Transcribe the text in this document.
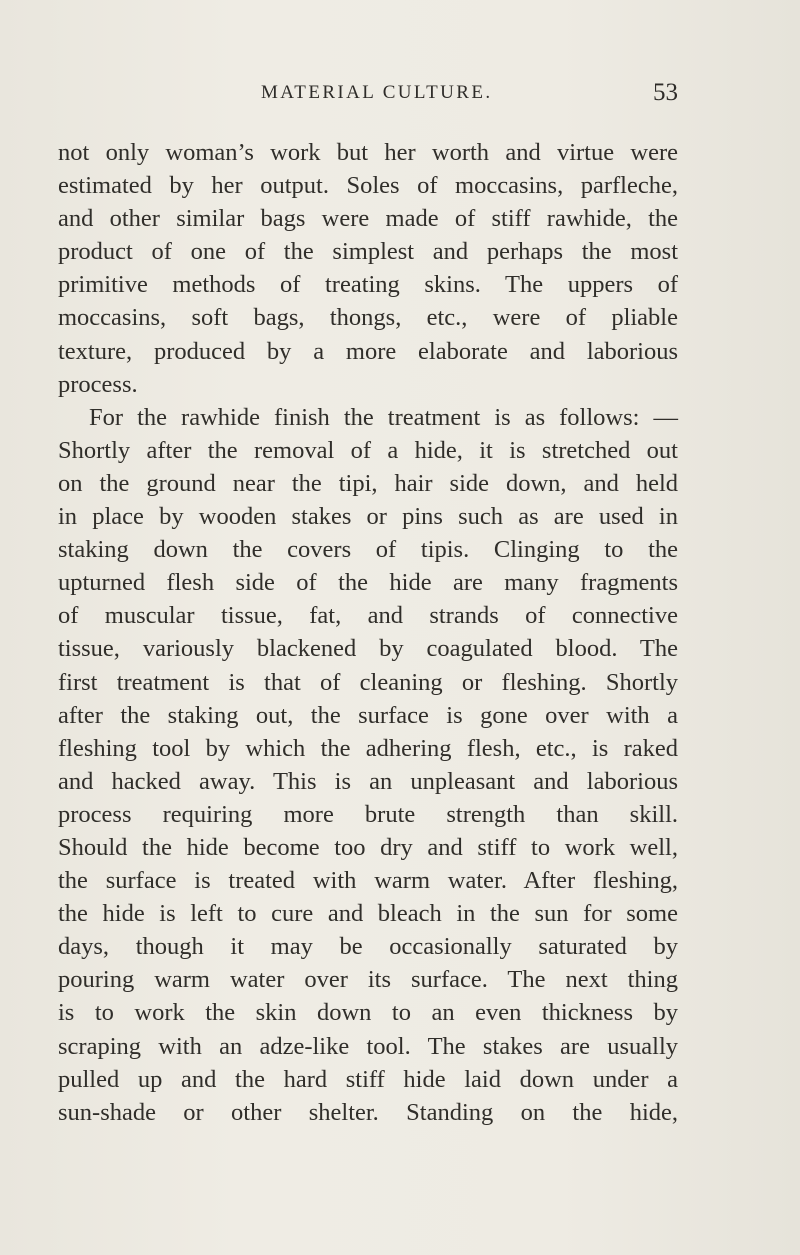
MATERIAL CULTURE.	53
not only woman’s work but her worth and virtue were
estimated by her output. Soles of moccasins, parfleche,
and other similar bags were made of stiff rawhide, the
product of one of the simplest and perhaps the most
primitive methods of treating skins. The uppers of
moccasins, soft bags, thongs, etc., were of pliable
texture, produced by a more elaborate and laborious
process.
For the rawhide finish the treatment is as follows: —
Shortly after the removal of a hide, it is stretched out
on the ground near the tipi, hair side down, and held
in place by wooden stakes or pins such as are used in
staking down the covers of tipis. Clinging to the
upturned flesh side of the hide are many fragments
of muscular tissue, fat, and strands of connective
tissue, variously blackened by coagulated blood. The
first treatment is that of cleaning or fleshing. Shortly
after the staking out, the surface is gone over with a
fleshing tool by which the adhering flesh, etc., is raked
and hacked away. This is an unpleasant and laborious
process requiring more brute strength than skill.
Should the hide become too dry and stiff to work well,
the surface is treated with warm water. After fleshing,
the hide is left to cure and bleach in the sun for some
days, though it may be occasionally saturated by
pouring warm water over its surface. The next thing
is to work the skin down to an even thickness by
scraping with an adze-like tool. The stakes are usually
pulled up and the hard stiff hide laid down under a
sun-shade or other shelter. Standing on the hide,
